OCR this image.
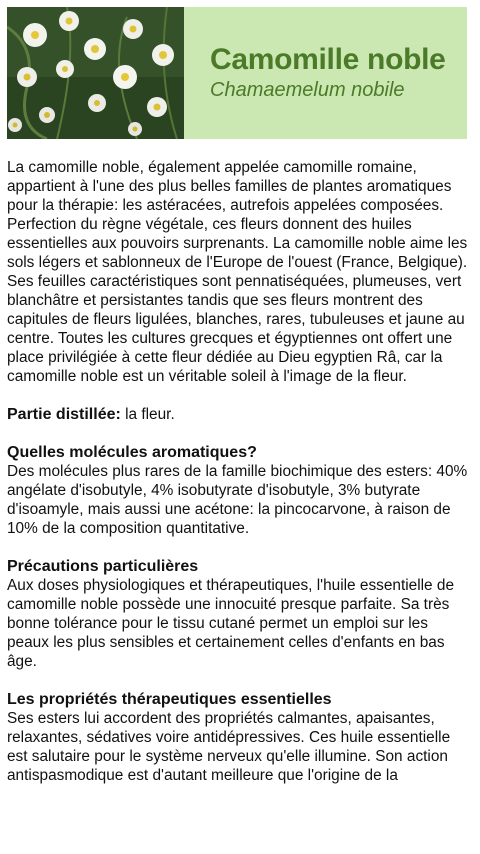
Camomille noble
Chamaemelum nobile

La camomille noble, également appelée camomille romaine, appartient à l'une des plus belles familles de plantes aromatiques pour la thérapie: les astéracées, autrefois appelées composées. Perfection du règne végétale, ces fleurs donnent des huiles essentielles aux pouvoirs surprenants. La camomille noble aime les sols légers et sablonneux de l'Europe de l'ouest (France, Belgique).

Ses feuilles caractéristiques sont pennatiséquées, plumeuses, vert blanchâtre et persistantes tandis que ses fleurs montrent des capitules de fleurs ligulées, blanches, rares, tubuleuses et jaune au centre. Toutes les cultures grecques et égyptiennes ont offert une place privilégiée à cette fleur dédiée au Dieu egyptien Râ, car la camomille noble est un véritable soleil à l'image de la fleur.

Partie distillée: la fleur.

Quelles molécules aromatiques?

Des molécules plus rares de la famille biochimique des esters: 40% angélate d'isobutyle, 4% isobutyrate d'isobutyle, 3% butyrate d'isoamyle, mais aussi une acétone: la pincocarvone, à raison de 10% de la composition quantitative.

Précautions particulières

Aux doses physiologiques et thérapeutiques, l'huile essentielle de camomille noble possède une innocuité presque parfaite. Sa très bonne tolérance pour le tissu cutané permet un emploi sur les peaux les plus sensibles et certainement celles d'enfants en bas âge.

Les propriétés thérapeutiques essentielles

Ses esters lui accordent des propriétés calmantes, apaisantes, relaxantes, sédatives voire antidépressives. Ces huile essentielle est salutaire pour le système nerveux qu'elle illumine. Son action antispasmodique est d'autant meilleure que l'origine de la
